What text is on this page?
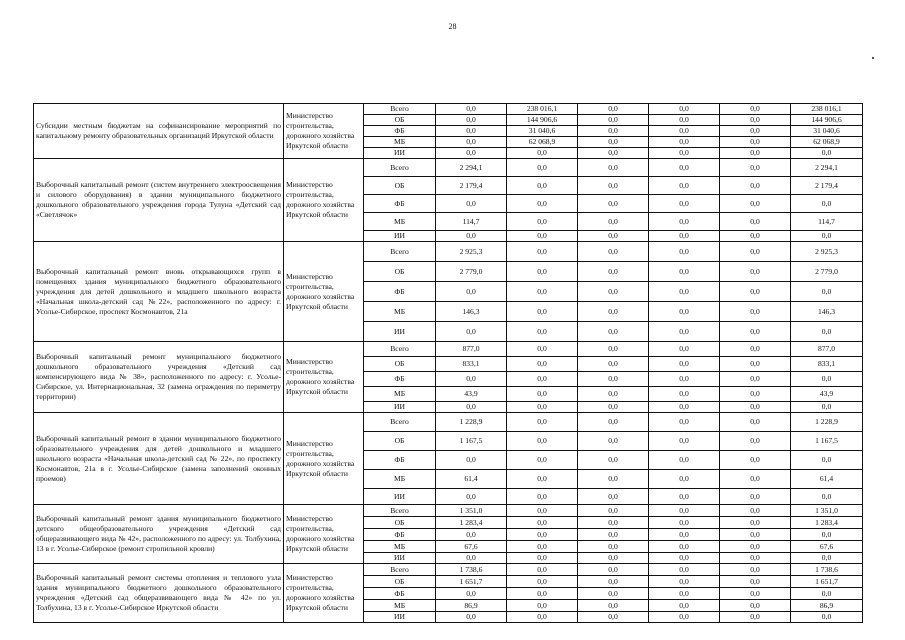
28
Субсидии местным бюджетам на софинансирование мероприятий по капитальному ремонту образовательных организаций Иркутской области	Министерство строительства, дорожного хозяйства Иркутской области	Всего	0,0	238 016,1	0,0	0,0	0,0	238 016,1
		ОБ	0,0	144 906,6	0,0	0,0	0,0	144 906,6
		ФБ	0,0	31 040,6	0,0	0,0	0,0	31 040,6
		МБ	0,0	62 068,9	0,0	0,0	0,0	62 068,9
		ИИ	0,0	0,0	0,0	0,0	0,0	0,0
Выборочный капитальный ремонт (систем внутреннего электроосвещения и силового оборудования) в здании муниципального бюджетного дошкольного образовательного учреждения города Тулуна «Детский сад «Светлячок»	Министерство строительства, дорожного хозяйства Иркутской области	Всего	2 294,1	0,0	0,0	0,0	0,0	2 294,1
		ОБ	2 179,4	0,0	0,0	0,0	0,0	2 179,4
		ФБ	0,0	0,0	0,0	0,0	0,0	0,0
		МБ	114,7	0,0	0,0	0,0	0,0	114,7
		ИИ	0,0	0,0	0,0	0,0	0,0	0,0
Выборочный капитальный ремонт вновь открывающихся групп в помещениях здания муниципального бюджетного образовательного учреждения для детей дошкольного и младшего школьного возраста «Начальная школа-детский сад №22», расположенного по адресу: г. Усолье-Сибирское, проспект Космонавтов, 21а	Министерство строительства, дорожного хозяйства Иркутской области	Всего	2 925,3	0,0	0,0	0,0	0,0	2 925,3
		ОБ	2 779,0	0,0	0,0	0,0	0,0	2 779,0
		ФБ	0,0	0,0	0,0	0,0	0,0	0,0
		МБ	146,3	0,0	0,0	0,0	0,0	146,3
		ИИ	0,0	0,0	0,0	0,0	0,0	0,0
Выборочный капитальный ремонт муниципального бюджетного дошкольного образовательного учреждения «Детский сад компенсирующего вида № 38», расположенного по адресу: г. Усолье-Сибирское, ул. Интернациональная, 32 (замена ограждения по периметру территории)	Министерство строительства, дорожного хозяйства Иркутской области	Всего	877,0	0,0	0,0	0,0	0,0	877,0
		ОБ	833,1	0,0	0,0	0,0	0,0	833,1
		ФБ	0,0	0,0	0,0	0,0	0,0	0,0
		МБ	43,9	0,0	0,0	0,0	0,0	43,9
		ИИ	0,0	0,0	0,0	0,0	0,0	0,0
Выборочный капитальный ремонт в здании муниципального бюджетного образовательного учреждения для детей дошкольного и младшего школьного возраста «Начальная школа-детский сад № 22», по проспекту Космонавтов, 21а в г. Усолье-Сибирское (замена заполнений оконных проемов)	Министерство строительства, дорожного хозяйства Иркутской области	Всего	1 228,9	0,0	0,0	0,0	0,0	1 228,9
		ОБ	1 167,5	0,0	0,0	0,0	0,0	1 167,5
		ФБ	0,0	0,0	0,0	0,0	0,0	0,0
		МБ	61,4	0,0	0,0	0,0	0,0	61,4
		ИИ	0,0	0,0	0,0	0,0	0,0	0,0
Выборочный капитальный ремонт здания муниципального бюджетного детского общеобразовательного учреждения «Детский сад общеразвивающего вида № 42», расположенного по адресу: ул. Толбухина, 13 в г. Усолье-Сибирское (ремонт стропильной кровли)	Министерство строительства, дорожного хозяйства Иркутской области	Всего	1 351,0	0,0	0,0	0,0	0,0	1 351,0
		ОБ	1 283,4	0,0	0,0	0,0	0,0	1 283,4
		ФБ	0,0	0,0	0,0	0,0	0,0	0,0
		МБ	67,6	0,0	0,0	0,0	0,0	67,6
		ИИ	0,0	0,0	0,0	0,0	0,0	0,0
Выборочный капитальный ремонт системы отопления и теплового узла здания муниципального бюджетного дошкольного образовательного учреждения «Детский сад общеразвивающего вида № 42» по ул. Толбухина, 13 в г. Усолье-Сибирское Иркутской области	Министерство строительства, дорожного хозяйства Иркутской области	Всего	1 738,6	0,0	0,0	0,0	0,0	1 738,6
		ОБ	1 651,7	0,0	0,0	0,0	0,0	1 651,7
		ФБ	0,0	0,0	0,0	0,0	0,0	0,0
		МБ	86,9	0,0	0,0	0,0	0,0	86,9
		ИИ	0,0	0,0	0,0	0,0	0,0	0,0
